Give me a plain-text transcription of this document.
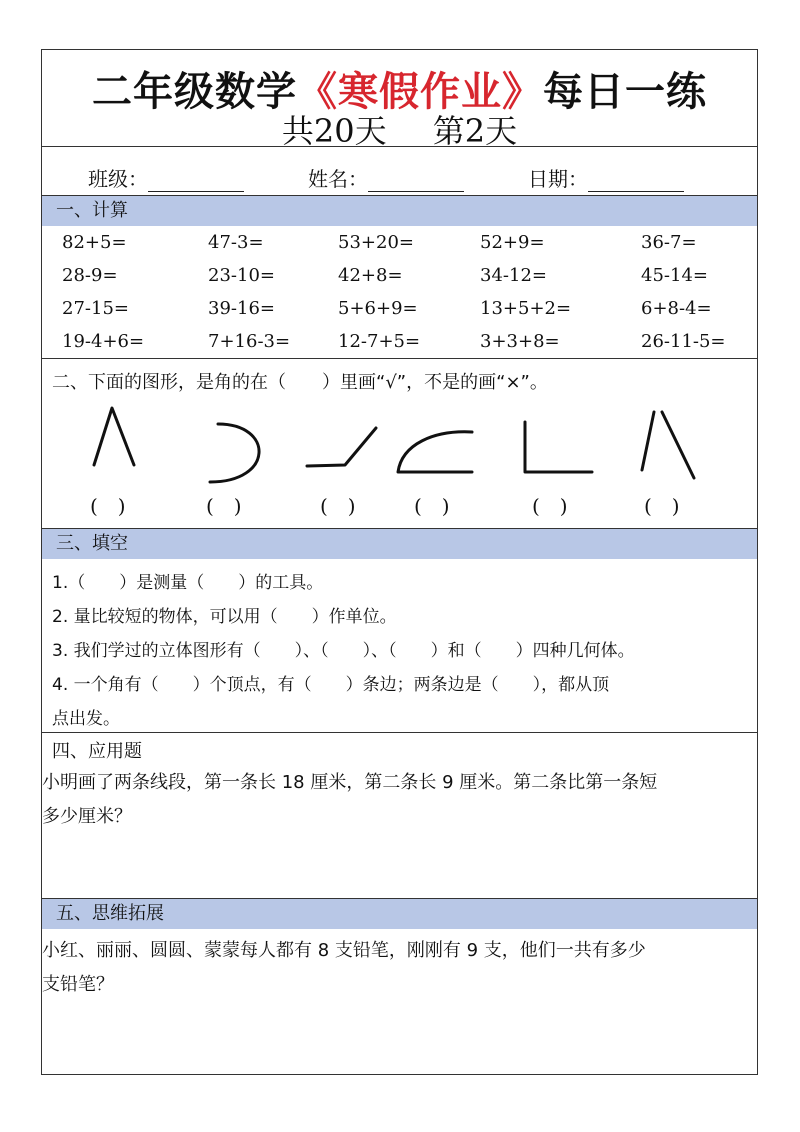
二年级数学《寒假作业》每日一练
共20天 第2天
班级：	姓名：	日期：
一、计算
82+5=	47-3=	53+20=	52+9=	36-7=
28-9=	23-10=	42+8=	34-12=	45-14=
27-15=	39-16=	5+6+9=	13+5+2=	6+8-4=
19-4+6=	7+16-3=	12-7+5=	3+3+8=	26-11-5=
二、下面的图形，是角的在（　　）里画“√”，不是的画“×”。
(　)	(　)	(　)	(　)	(　)	(　)
三、填空
1.（　　）是测量（　　）的工具。
2. 量比较短的物体，可以用（　　）作单位。
3. 我们学过的立体图形有（　　）、（　　）、（　　）和（　　）四种几何体。
4. 一个角有（　　）个顶点，有（　　）条边；两条边是（　　），都从顶
点出发。
四、应用题
小明画了两条线段，第一条长 18 厘米，第二条长 9 厘米。第二条比第一条短
多少厘米？
五、思维拓展
小红、丽丽、圆圆、蒙蒙每人都有 8 支铅笔，刚刚有 9 支，他们一共有多少
支铅笔？
